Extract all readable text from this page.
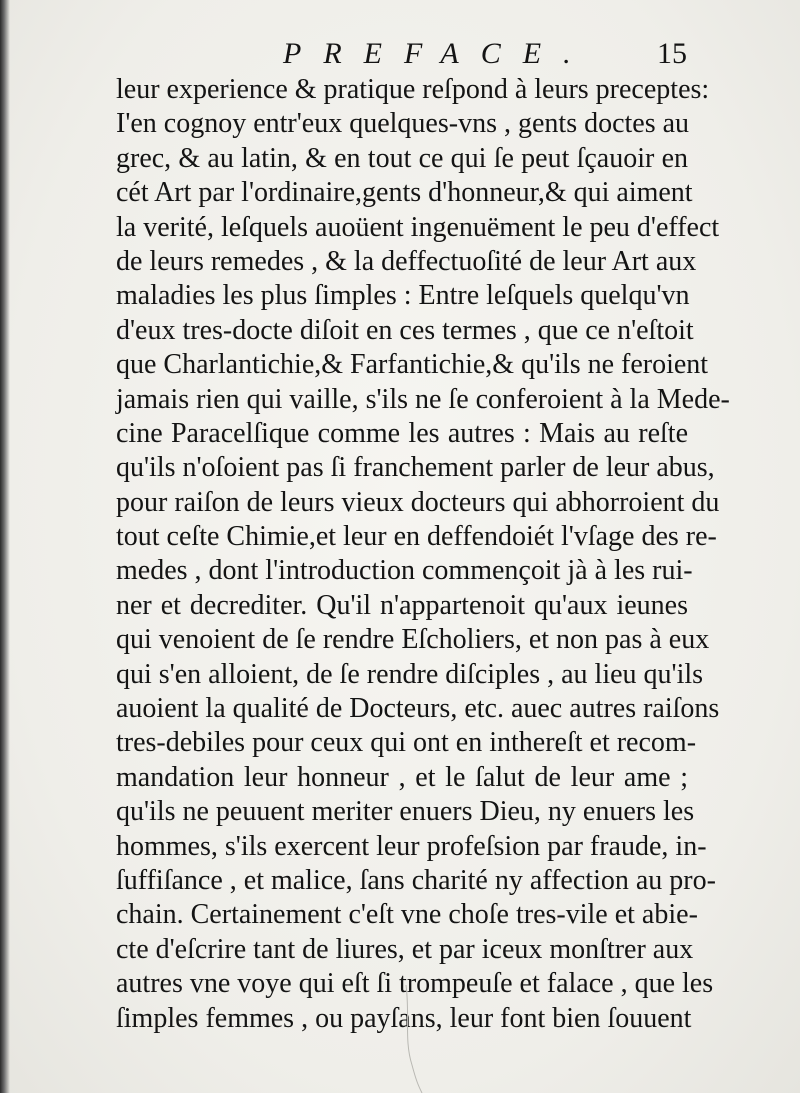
PREFACE. 15
leur experience & pratique reſpond à leurs preceptes:
I'en cognoy entr'eux quelques-vns , gents doctes au
grec, & au latin, & en tout ce qui ſe peut ſçauoir en
cét Art par l'ordinaire,gents d'honneur,& qui aiment
la verité, leſquels auoüent ingenuëment le peu d'effect
de leurs remedes , & la deffectuoſité de leur Art aux
maladies les plus ſimples : Entre leſquels quelqu'vn
d'eux tres-docte diſoit en ces termes , que ce n'eſtoit
que Charlantichie,& Farfantichie,& qu'ils ne feroient
jamais rien qui vaille, s'ils ne ſe conferoient à la Mede-
cine Paracelſique comme les autres : Mais au reſte
qu'ils n'oſoient pas ſi franchement parler de leur abus,
pour raiſon de leurs vieux docteurs qui abhorroient du
tout ceſte Chimie,et leur en deffendoiét l'vſage des re-
medes , dont l'introduction commençoit jà à les rui-
ner et decrediter. Qu'il n'appartenoit qu'aux ieunes
qui venoient de ſe rendre Eſcholiers, et non pas à eux
qui s'en alloient, de ſe rendre diſciples , au lieu qu'ils
auoient la qualité de Docteurs, etc. auec autres raiſons
tres-debiles pour ceux qui ont en inthereſt et recom-
mandation leur honneur , et le ſalut de leur ame ;
qu'ils ne peuuent meriter enuers Dieu, ny enuers les
hommes, s'ils exercent leur profeſsion par fraude, in-
ſuffiſance , et malice, ſans charité ny affection au pro-
chain. Certainement c'eſt vne choſe tres-vile et abie-
cte d'eſcrire tant de liures, et par iceux monſtrer aux
autres vne voye qui eſt ſi trompeuſe et falace , que les
ſimples femmes , ou payſans, leur font bien ſouuent
